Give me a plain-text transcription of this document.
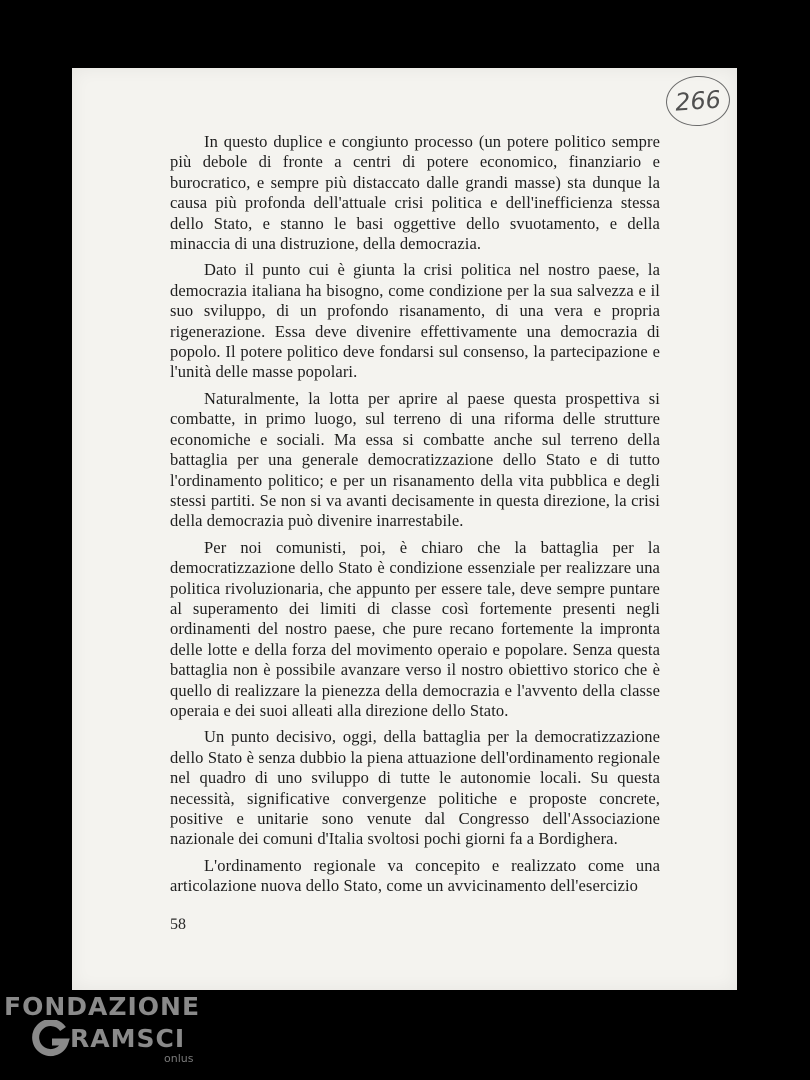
266

In questo duplice e congiunto processo (un potere politico sempre più debole di fronte a centri di potere economico, finanziario e burocratico, e sempre più distaccato dalle grandi masse) sta dunque la causa più profonda dell'attuale crisi politica e dell'inefficienza stessa dello Stato, e stanno le basi oggettive dello svuotamento, e della minaccia di una distruzione, della democrazia.

Dato il punto cui è giunta la crisi politica nel nostro paese, la democrazia italiana ha bisogno, come condizione per la sua salvezza e il suo sviluppo, di un profondo risanamento, di una vera e propria rigenerazione. Essa deve divenire effettivamente una democrazia di popolo. Il potere politico deve fondarsi sul consenso, la partecipazione e l'unità delle masse popolari.

Naturalmente, la lotta per aprire al paese questa prospettiva si combatte, in primo luogo, sul terreno di una riforma delle strutture economiche e sociali. Ma essa si combatte anche sul terreno della battaglia per una generale democratizzazione dello Stato e di tutto l'ordinamento politico; e per un risanamento della vita pubblica e degli stessi partiti. Se non si va avanti decisamente in questa direzione, la crisi della democrazia può divenire inarrestabile.

Per noi comunisti, poi, è chiaro che la battaglia per la democratizzazione dello Stato è condizione essenziale per realizzare una politica rivoluzionaria, che appunto per essere tale, deve sempre puntare al superamento dei limiti di classe così fortemente presenti negli ordinamenti del nostro paese, che pure recano fortemente la impronta delle lotte e della forza del movimento operaio e popolare. Senza questa battaglia non è possibile avanzare verso il nostro obiettivo storico che è quello di realizzare la pienezza della democrazia e l'avvento della classe operaia e dei suoi alleati alla direzione dello Stato.

Un punto decisivo, oggi, della battaglia per la democratizzazione dello Stato è senza dubbio la piena attuazione dell'ordinamento regionale nel quadro di uno sviluppo di tutte le autonomie locali. Su questa necessità, significative convergenze politiche e proposte concrete, positive e unitarie sono venute dal Congresso dell'Associazione nazionale dei comuni d'Italia svoltosi pochi giorni fa a Bordighera.

L'ordinamento regionale va concepito e realizzato come una articolazione nuova dello Stato, come un avvicinamento dell'esercizio

58
FONDAZIONE
RAMSCI
onlus
